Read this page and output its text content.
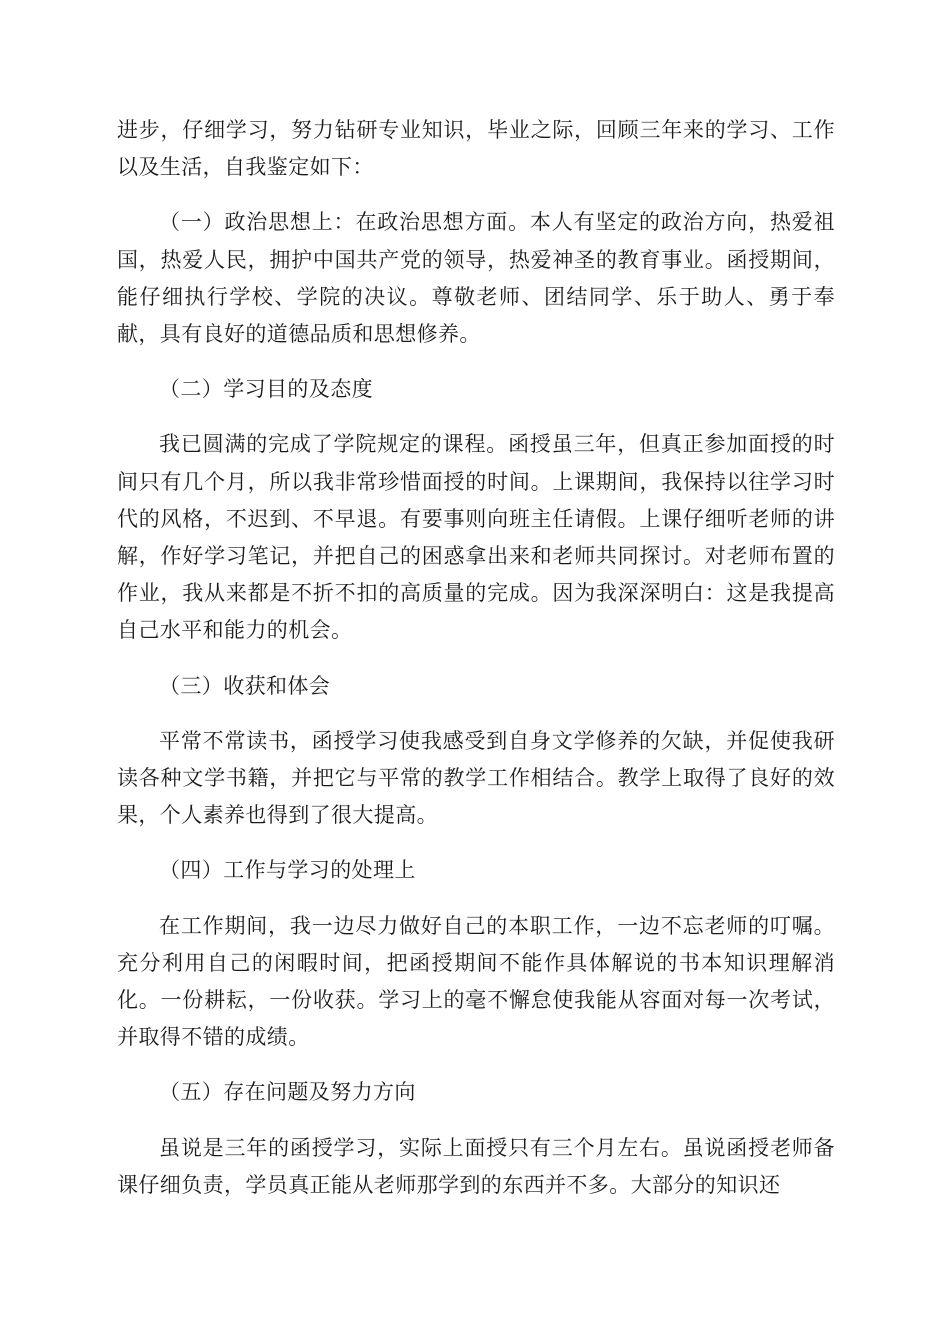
进步，仔细学习，努力钻研专业知识，毕业之际，回顾三年来的学习、工作以及生活，自我鉴定如下：

（一）政治思想上：在政治思想方面。本人有坚定的政治方向，热爱祖国，热爱人民，拥护中国共产党的领导，热爱神圣的教育事业。函授期间，能仔细执行学校、学院的决议。尊敬老师、团结同学、乐于助人、勇于奉献，具有良好的道德品质和思想修养。

（二）学习目的及态度

我已圆满的完成了学院规定的课程。函授虽三年，但真正参加面授的时间只有几个月，所以我非常珍惜面授的时间。上课期间，我保持以往学习时代的风格，不迟到、不早退。有要事则向班主任请假。上课仔细听老师的讲解，作好学习笔记，并把自己的困惑拿出来和老师共同探讨。对老师布置的作业，我从来都是不折不扣的高质量的完成。因为我深深明白：这是我提高自己水平和能力的机会。

（三）收获和体会

平常不常读书，函授学习使我感受到自身文学修养的欠缺，并促使我研读各种文学书籍，并把它与平常的教学工作相结合。教学上取得了良好的效果，个人素养也得到了很大提高。

（四）工作与学习的处理上

在工作期间，我一边尽力做好自己的本职工作，一边不忘老师的叮嘱。充分利用自己的闲暇时间，把函授期间不能作具体解说的书本知识理解消化。一份耕耘，一份收获。学习上的毫不懈怠使我能从容面对每一次考试，并取得不错的成绩。

（五）存在问题及努力方向

虽说是三年的函授学习，实际上面授只有三个月左右。虽说函授老师备课仔细负责，学员真正能从老师那学到的东西并不多。大部分的知识还
